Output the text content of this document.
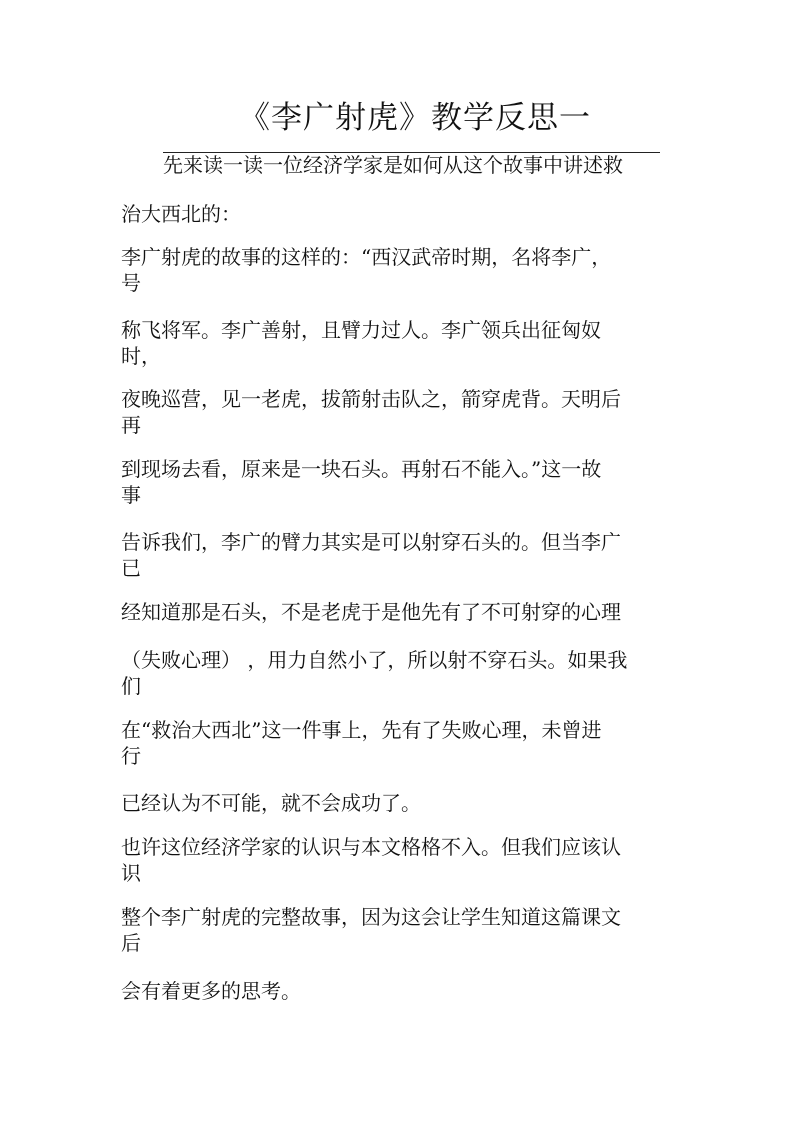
《李广射虎》教学反思一
先来读一读一位经济学家是如何从这个故事中讲述救
治大西北的：
李广射虎的故事的这样的：“西汉武帝时期，名将李广，
号
称飞将军。李广善射，且臂力过人。李广领兵出征匈奴
时，
夜晚巡营，见一老虎，拔箭射击队之，箭穿虎背。天明后
再
到现场去看，原来是一块石头。再射石不能入。”这一故
事
告诉我们，李广的臂力其实是可以射穿石头的。但当李广
已
经知道那是石头，不是老虎于是他先有了不可射穿的心理
（失败心理） ，用力自然小了，所以射不穿石头。如果我
们
在“救治大西北”这一件事上，先有了失败心理，未曾进
行
已经认为不可能，就不会成功了。
也许这位经济学家的认识与本文格格不入。但我们应该认
识
整个李广射虎的完整故事，因为这会让学生知道这篇课文
后
会有着更多的思考。
